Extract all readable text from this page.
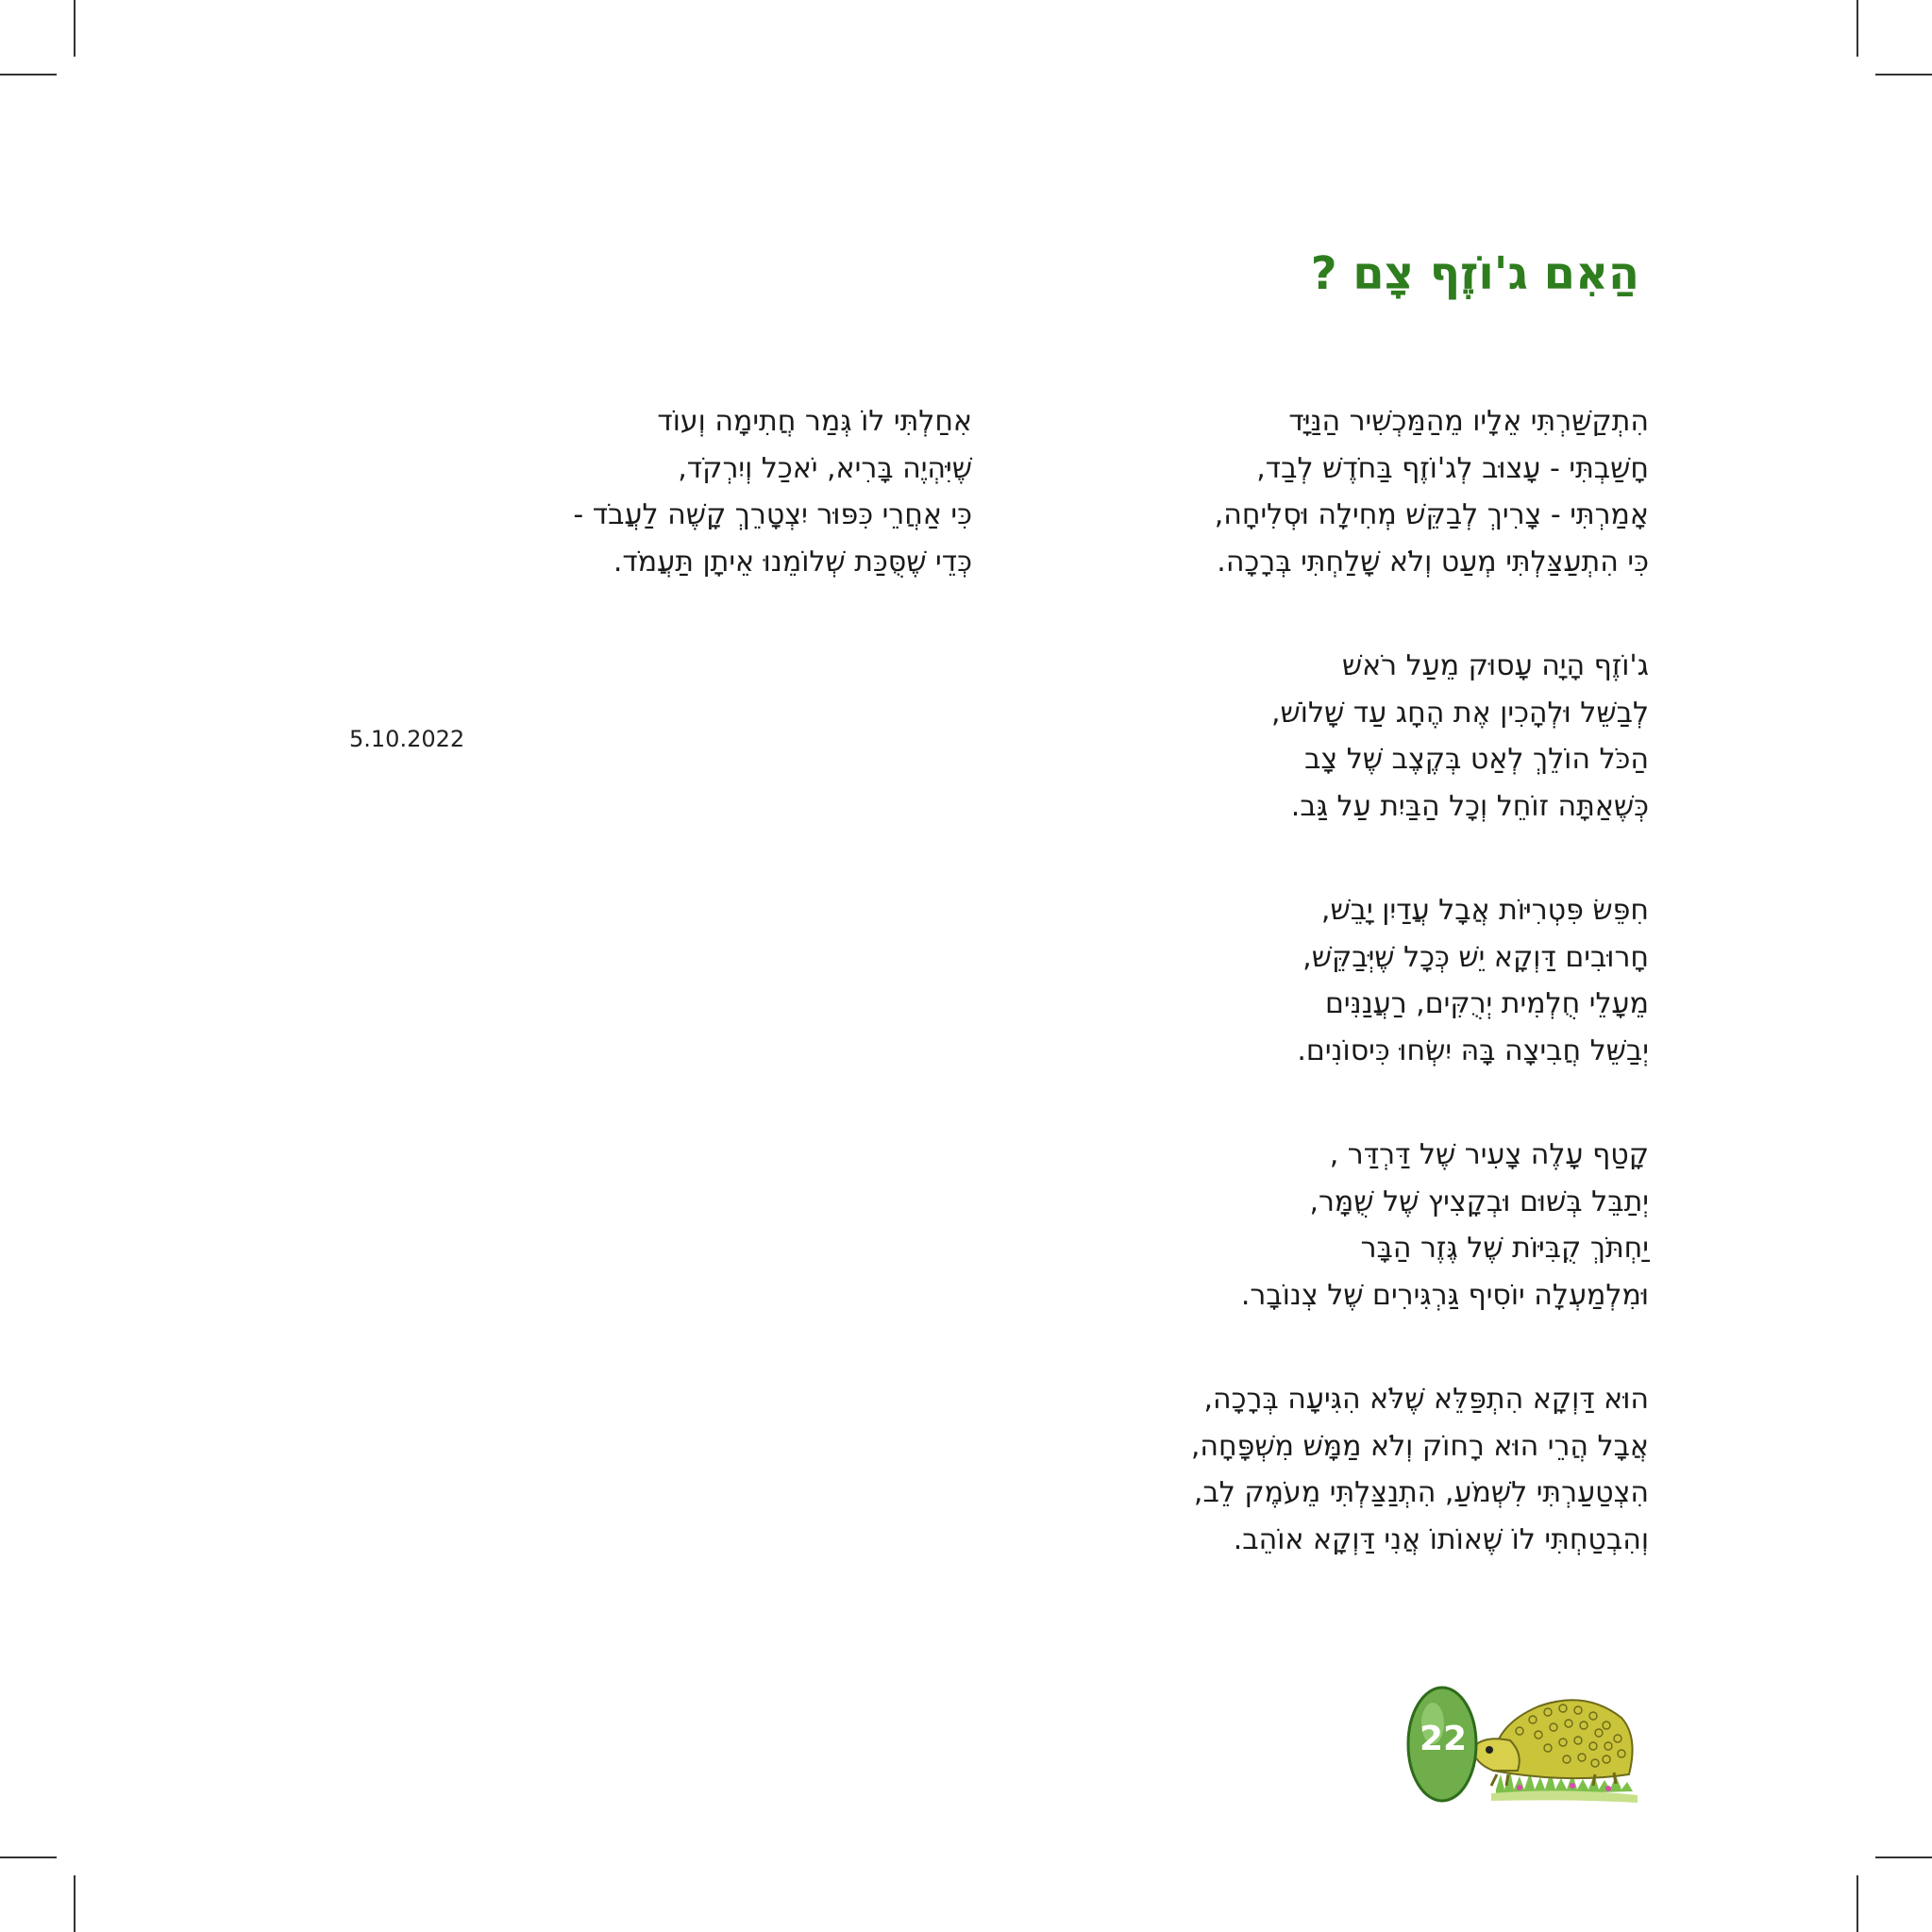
הַאִם ג'וֹזֶף צָם ?
הִתְקַשַּׁרְתִּי אֵלָיו מֵהַמַּכְשִׁיר הַנַּיָּד
חָשַׁבְתִּי - עָצוּב לְג'וֹזֶף בַּחֹדֶשׁ לְבַד,
אָמַרְתִּי - צָרִיךְ לְבַקֵּשׁ מְחִילָה וּסְלִיחָה,
כִּי הִתְעַצַּלְתִּי מְעַט וְלֹא שָׁלַחְתִּי בְּרָכָה.
ג'וֹזֶף הָיָה עָסוּק מֵעַל רֹאשׁ
לְבַשֵּׁל וּלְהָכִין אֶת הֶחָג עַד שָׁלוֹשׁ,
הַכֹּל הוֹלֵךְ לְאַט בְּקֶצֶב שֶׁל צָב
כְּשֶׁאַתָּה זוֹחֵל וְכָל הַבַּיִת עַל גַּב.
חִפֵּשׂ פִּטְרִיּוֹת אֲבָל עֲדַיִן יָבֵשׁ,
חָרוּבִים דַּוְקָא יֵשׁ כְּכָל שֶׁיְּבַקֵּשׁ,
מֵעָלֵי חֻלְמִית יְרֻקִּים, רַעֲנַנִּים
יְבַשֵּׁל חֲבִיצָה בָּהּ יִשְׂחוּ כִּיסוֹנִים.
קָטַף עָלֶה צָעִיר שֶׁל דַּרְדַּר ,
יְתַבֵּל בְּשׁוּם וּבְקָצִיץ שֶׁל שֻׁמָּר,
יַחְתֹּךְ קֻבִּיּוֹת שֶׁל גֶּזֶר הַבָּר
וּמִלְמַעְלָה יוֹסִיף גַּרְגִּירִים שֶׁל צְנוֹבָר.
הוּא דַּוְקָא הִתְפַּלֵּא שֶׁלֹּא הִגִּיעָה בְּרָכָה,
אֲבָל הֲרֵי הוּא רָחוֹק וְלֹא מַמָּשׁ מִשְׁפָּחָה,
הִצְטַעַרְתִּי לִשְׁמֹעַ, הִתְנַצַּלְתִּי מֵעֹמֶק לֵב,
וְהִבְטַחְתִּי לוֹ שֶׁאוֹתוֹ אֲנִי דַּוְקָא אוֹהֵב.
אִחַלְתִּי לוֹ גְּמַר חֲתִימָה וְעוֹד
שֶׁיִּהְיֶה בָּרִיא, יֹאכַל וְיִרְקֹד,
כִּי אַחֲרֵי כִּפּוּר יִצְטָרֵךְ קָשֶׁה לַעֲבֹד -
כְּדֵי שֶׁסֻּכַּת שְׁלוֹמֵנוּ אֵיתָן תַּעֲמֹד.
5.10.2022
22
